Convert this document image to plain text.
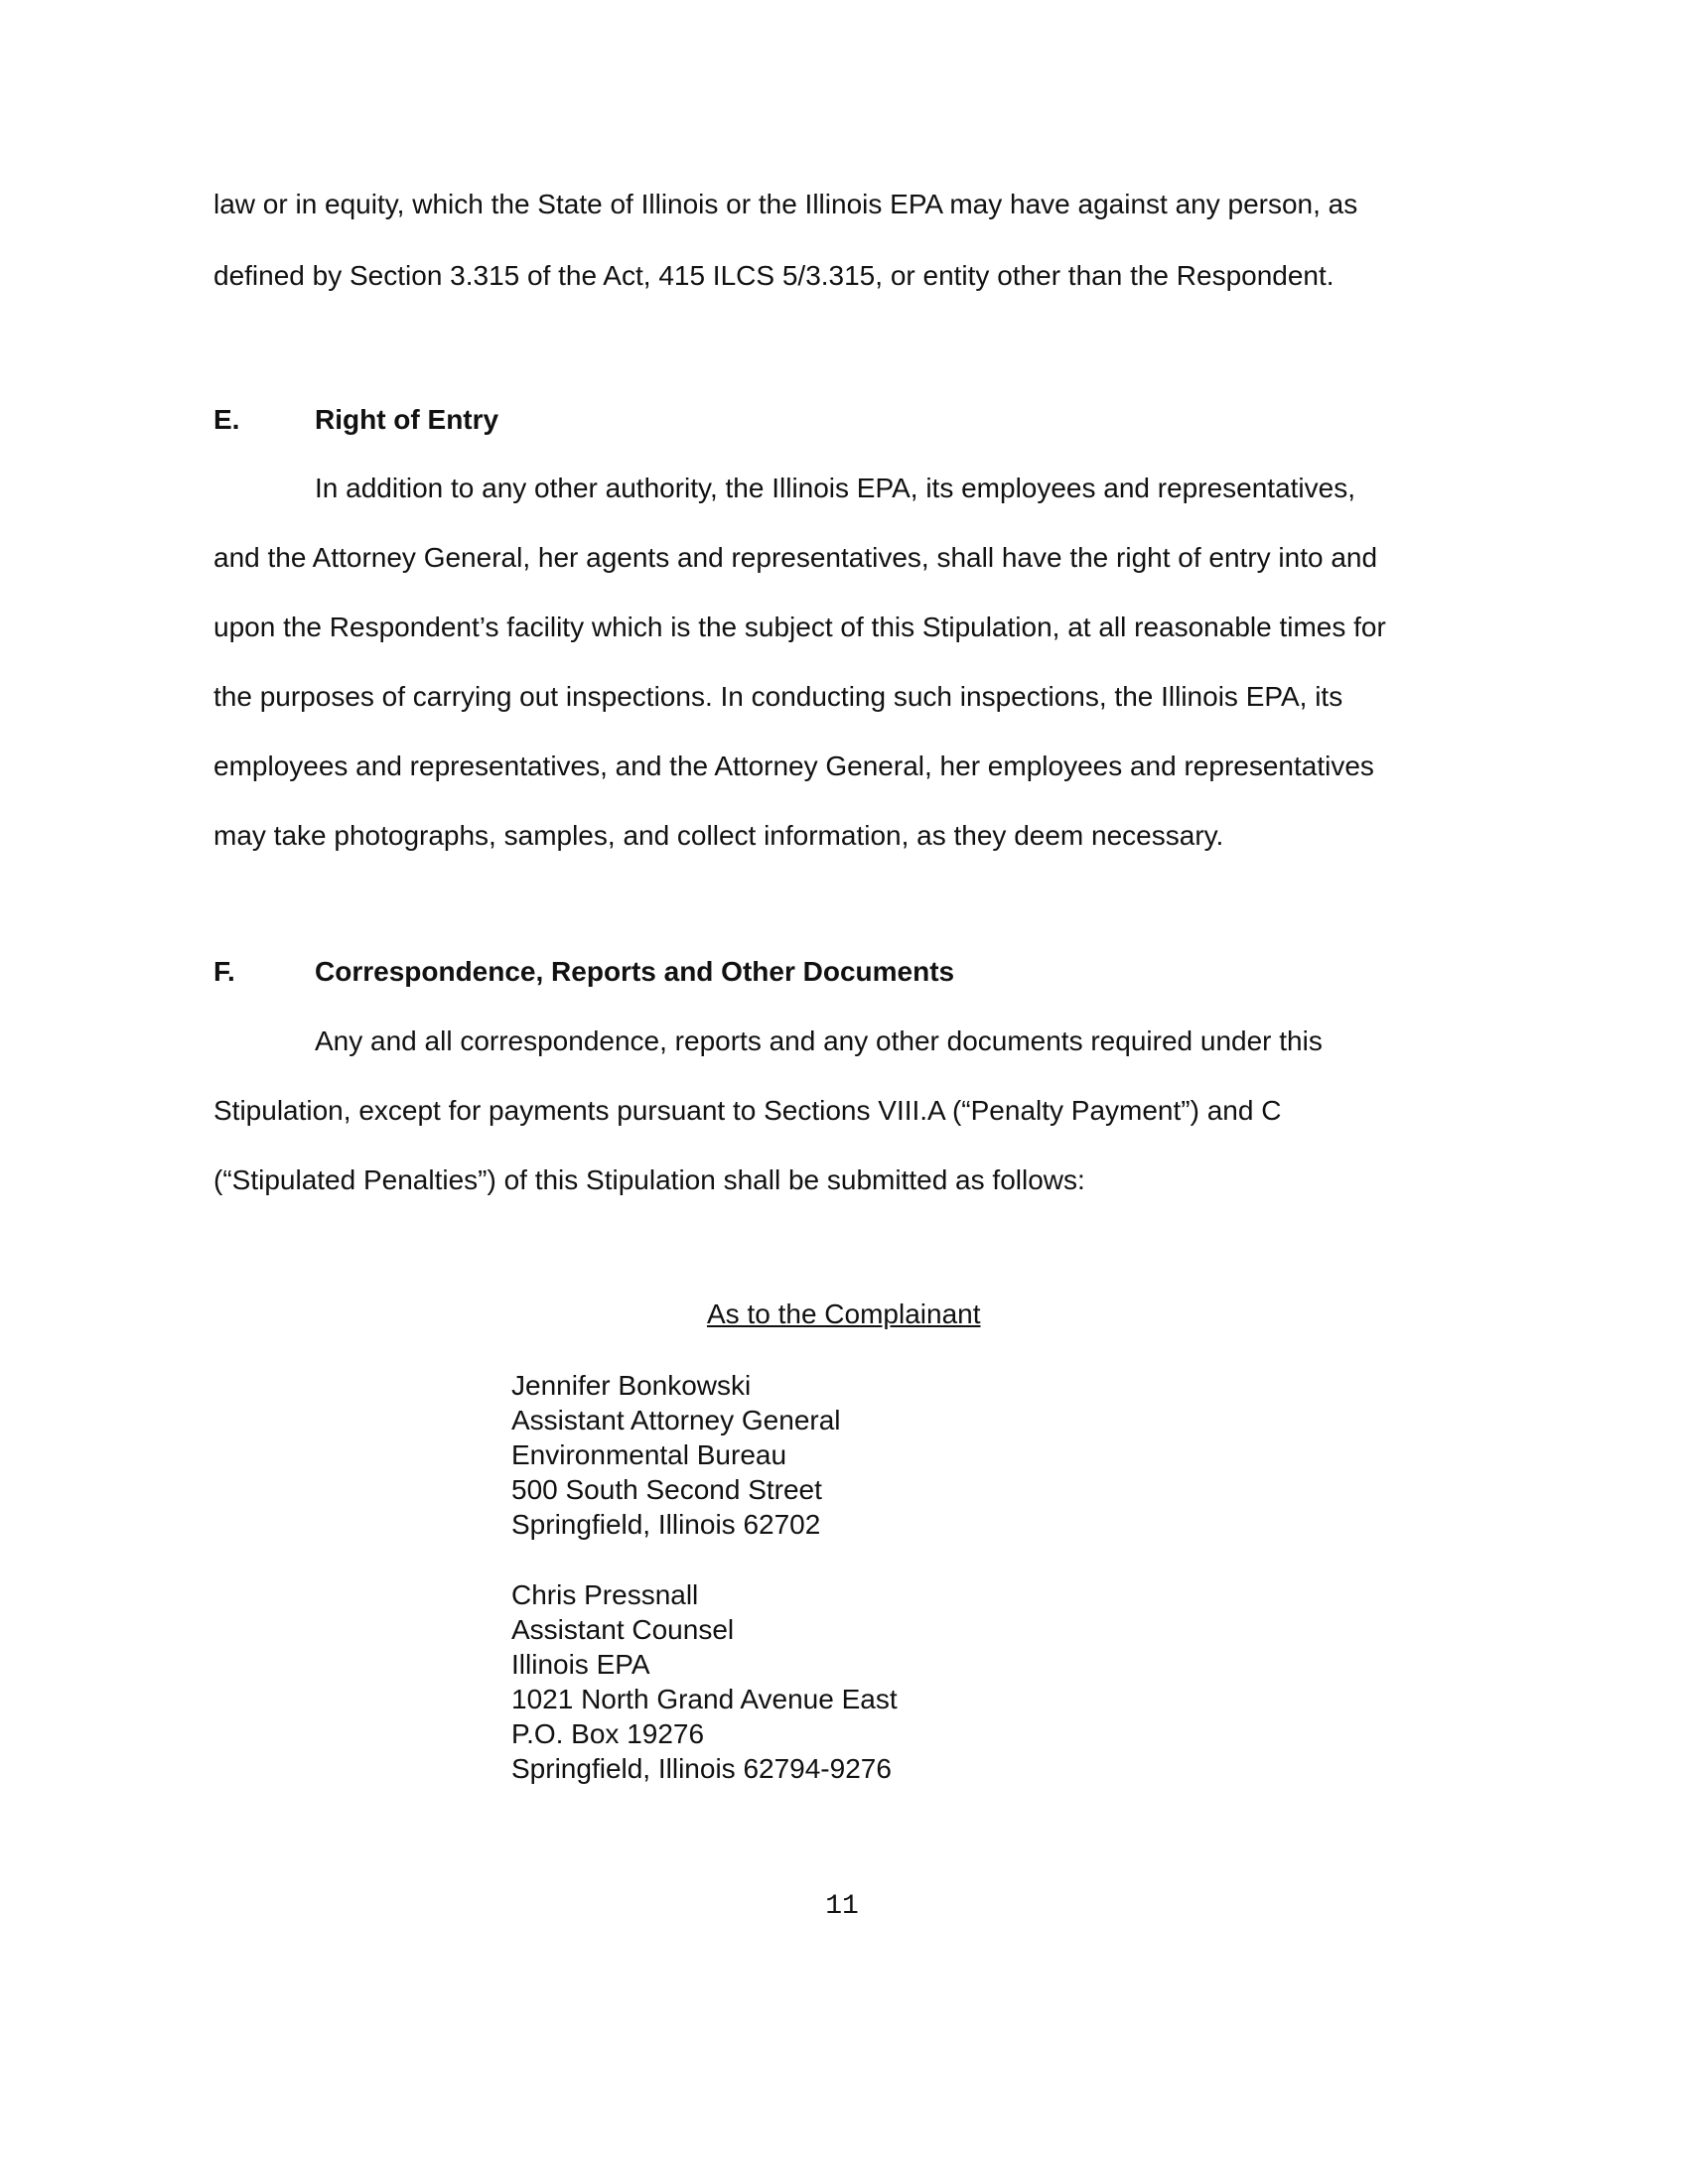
law or in equity, which the State of Illinois or the Illinois EPA may have against any person, as
defined by Section 3.315 of the Act, 415 ILCS 5/3.315, or entity other than the Respondent.
E.	Right of Entry
In addition to any other authority, the Illinois EPA, its employees and representatives,
and the Attorney General, her agents and representatives, shall have the right of entry into and
upon the Respondent’s facility which is the subject of this Stipulation, at all reasonable times for
the purposes of carrying out inspections. In conducting such inspections, the Illinois EPA, its
employees and representatives, and the Attorney General, her employees and representatives
may take photographs, samples, and collect information, as they deem necessary.
F.	Correspondence, Reports and Other Documents
Any and all correspondence, reports and any other documents required under this
Stipulation, except for payments pursuant to Sections VIII.A (“Penalty Payment”) and C
(“Stipulated Penalties”) of this Stipulation shall be submitted as follows:
As to the Complainant
Jennifer Bonkowski
Assistant Attorney General
Environmental Bureau
500 South Second Street
Springfield, Illinois 62702
Chris Pressnall
Assistant Counsel
Illinois EPA
1021 North Grand Avenue East
P.O. Box 19276
Springfield, Illinois 62794-9276
11
